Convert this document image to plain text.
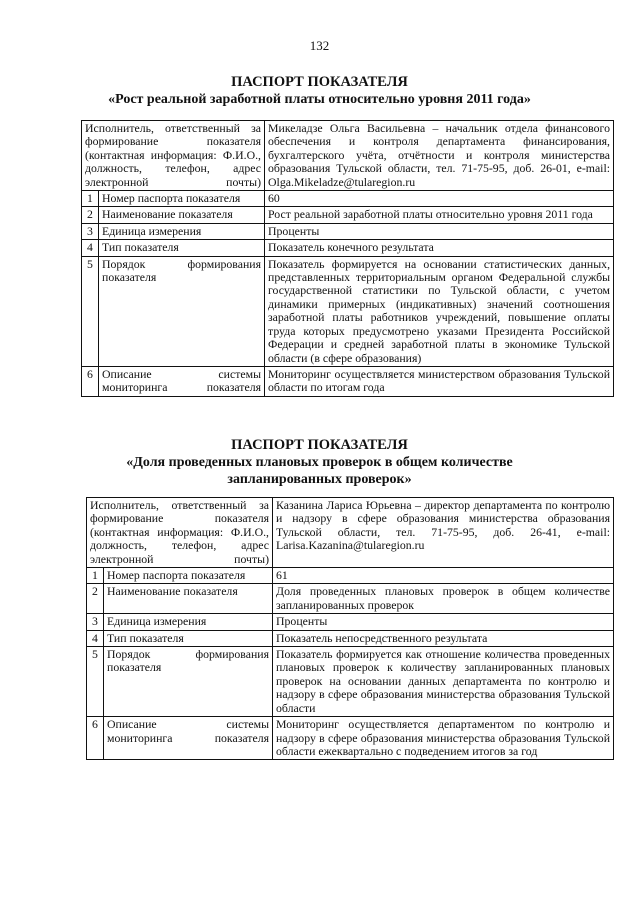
132
ПАСПОРТ ПОКАЗАТЕЛЯ
«Рост реальной заработной платы относительно уровня 2011 года»
Исполнитель, ответственный за формирование показателя (контактная информация: Ф.И.О., должность, телефон, адрес электронной почты)		Микеладзе Ольга Васильевна – начальник отдела финансового обеспечения и контроля департамента финансирования, бухгалтерского учёта, отчётности и контроля министерства образования Тульской области, тел. 71-75-95, доб. 26-01, e-mail: Olga.Mikeladze@tularegion.ru
1	Номер паспорта показателя	60
2	Наименование показателя	Рост реальной заработной платы относительно уровня 2011 года
3	Единица измерения	Проценты
4	Тип показателя	Показатель конечного результата
5	Порядок формирования показателя	Показатель формируется на основании статистических данных, представленных территориальным органом Федеральной службы государственной статистики по Тульской области, с учетом динамики примерных (индикативных) значений соотношения заработной платы работников учреждений, повышение оплаты труда которых предусмотрено указами Президента Российской Федерации и средней заработной платы в экономике Тульской области (в сфере образования)
6	Описание системы мониторинга показателя	Мониторинг осуществляется министерством образования Тульской области по итогам года
ПАСПОРТ ПОКАЗАТЕЛЯ
«Доля проведенных плановых проверок в общем количестве
запланированных проверок»
Исполнитель, ответственный за формирование показателя (контактная информация: Ф.И.О., должность, телефон, адрес электронной почты)		Казанина Лариса Юрьевна – директор департамента по контролю и надзору в сфере образования министерства образования Тульской области, тел. 71-75-95, доб. 26-41, e-mail: Larisa.Kazanina@tularegion.ru
1	Номер паспорта показателя	61
2	Наименование показателя	Доля проведенных плановых проверок в общем количестве запланированных проверок
3	Единица измерения	Проценты
4	Тип показателя	Показатель непосредственного результата
5	Порядок формирования показателя	Показатель формируется как отношение количества проведенных плановых проверок к количеству запланированных плановых проверок на основании данных департамента по контролю и надзору в сфере образования министерства образования Тульской области
6	Описание системы мониторинга показателя	Мониторинг осуществляется департаментом по контролю и надзору в сфере образования министерства образования Тульской области ежеквартально с подведением итогов за год
